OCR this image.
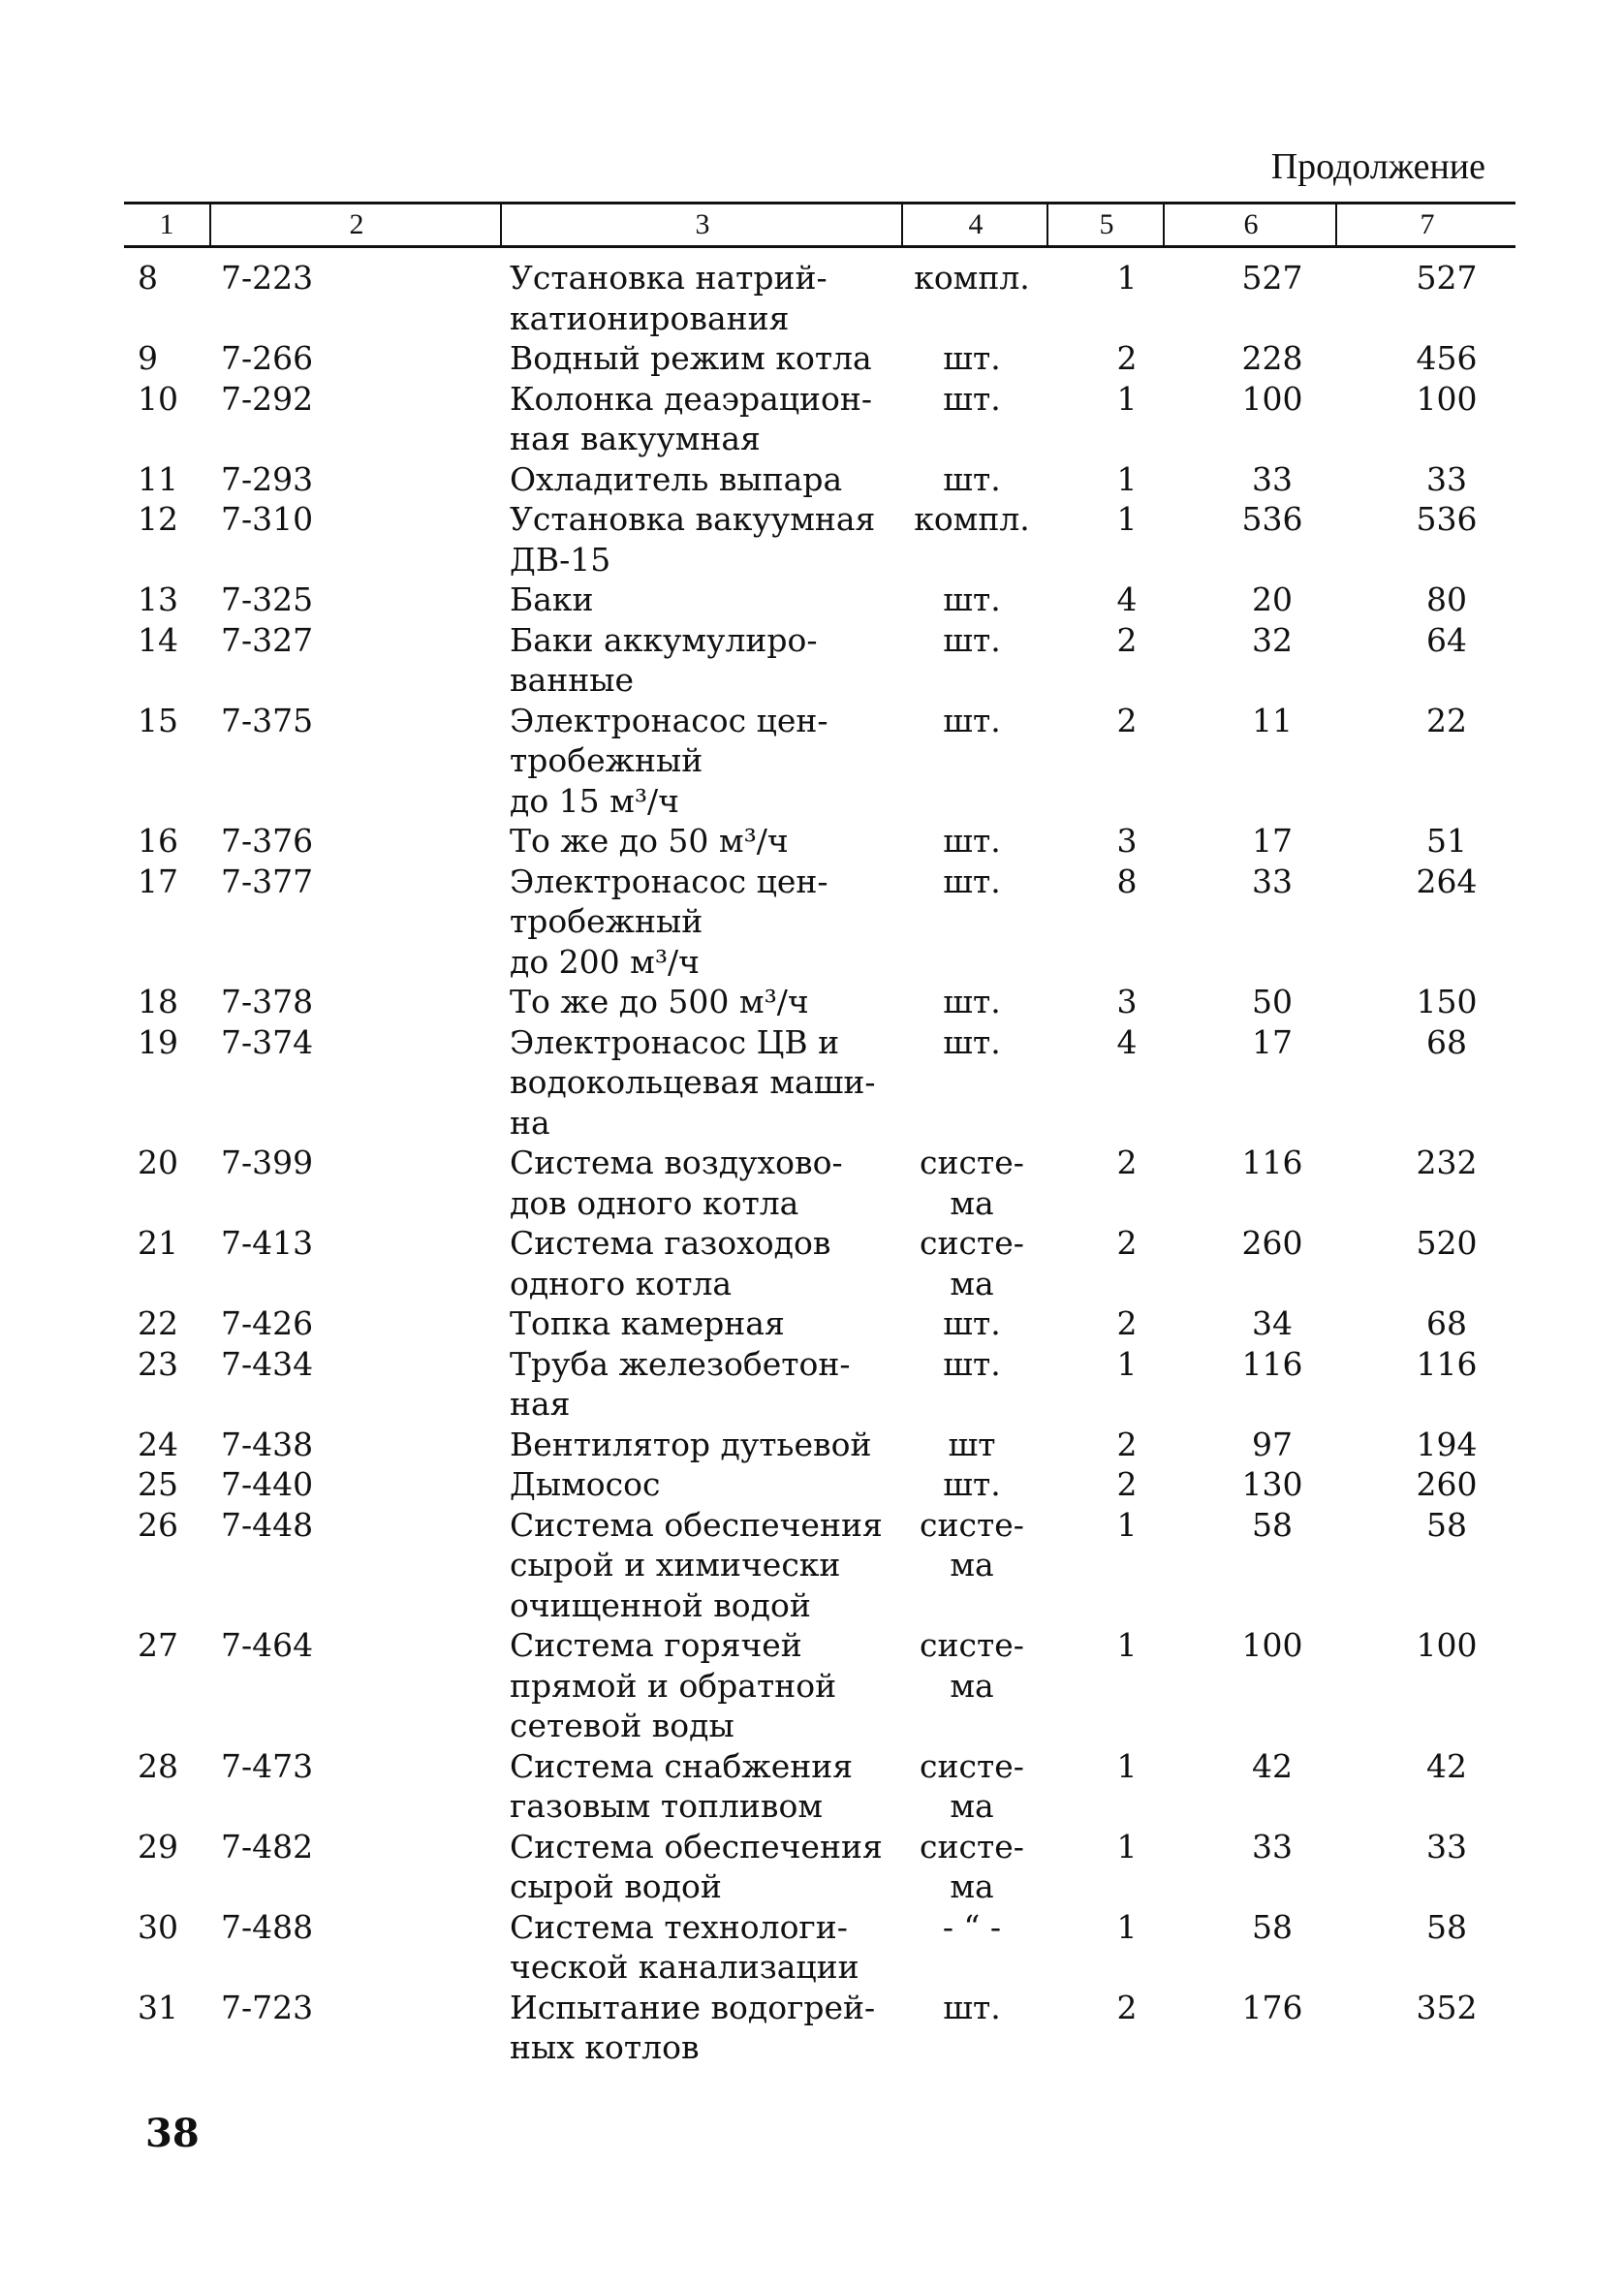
Продолжение
1	2	3	4	5	6	7
8	7-223	Установка натрий-
катионирования
компл.	1	527	527
9	7-266	Водный режим котла	шт.	2	228	456
10	7-292	Колонка деаэрацион-
ная вакуумная
шт.	1	100	100
11	7-293	Охладитель выпара	шт.	1	33	33
12	7-310	Установка вакуумная
ДВ-15
компл.	1	536	536
13	7-325	Баки	шт.	4	20	80
14	7-327	Баки аккумулиро-
ванные
шт.	2	32	64
15	7-375	Электронасос цен-
тробежный
до 15 м³/ч
шт.	2	11	22
16	7-376	То же до 50 м³/ч	шт.	3	17	51
17	7-377	Электронасос цен-
тробежный
до 200 м³/ч
шт.	8	33	264
18	7-378	То же до 500 м³/ч	шт.	3	50	150
19	7-374	Электронасос ЦВ и
водокольцевая маши-
на
шт.	4	17	68
20	7-399	Система воздухово-
дов одного котла
систе-
ма
2	116	232
21	7-413	Система газоходов
одного котла
систе-
ма
2	260	520
22	7-426	Топка камерная	шт.	2	34	68
23	7-434	Труба железобетон-
ная
шт.	1	116	116
24	7-438	Вентилятор дутьевой	шт	2	97	194
25	7-440	Дымосос	шт.	2	130	260
26	7-448	Система обеспечения
сырой и химически
очищенной водой
систе-
ма
1	58	58
27	7-464	Система горячей
прямой и обратной
сетевой воды
систе-
ма
1	100	100
28	7-473	Система снабжения
газовым топливом
систе-
ма
1	42	42
29	7-482	Система обеспечения
сырой водой
систе-
ма
1	33	33
30	7-488	Система технологи-
ческой канализации
- “ -	1	58	58
31	7-723	Испытание водогрей-
ных котлов
шт.	2	176	352
38
